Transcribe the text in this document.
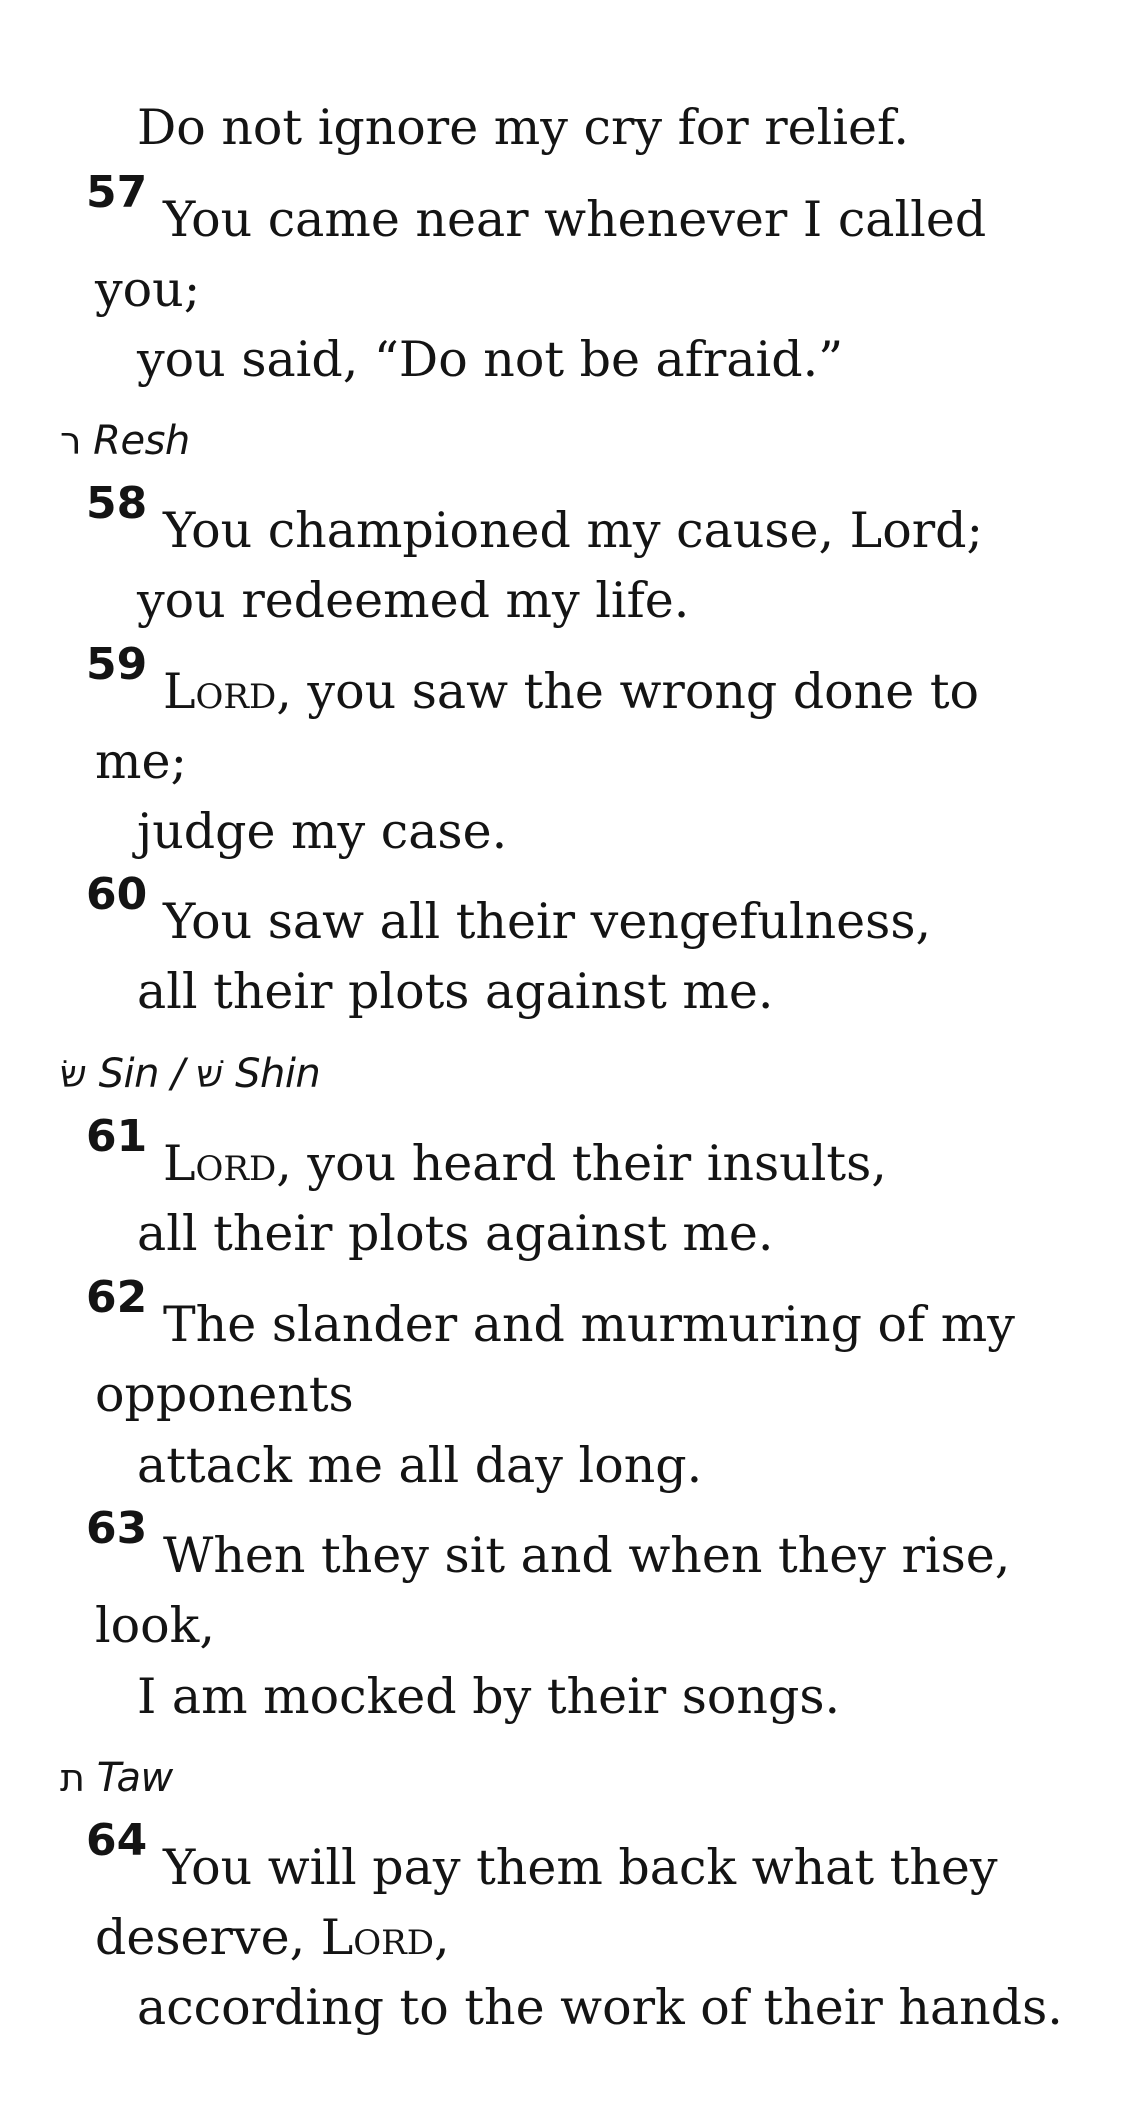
Do not ignore my cry for relief.
57 You came near whenever I called
you;
you said, “Do not be afraid.”
ר Resh
58 You championed my cause, Lord;
you redeemed my life.
59 Lord, you saw the wrong done to
me;
judge my case.
60 You saw all their vengefulness,
all their plots against me.
שׂ Sin / שׁ Shin
61 Lord, you heard their insults,
all their plots against me.
62 The slander and murmuring of my
opponents
attack me all day long.
63 When they sit and when they rise,
look,
I am mocked by their songs.
ת Taw
64 You will pay them back what they
deserve, Lord,
according to the work of their hands.
